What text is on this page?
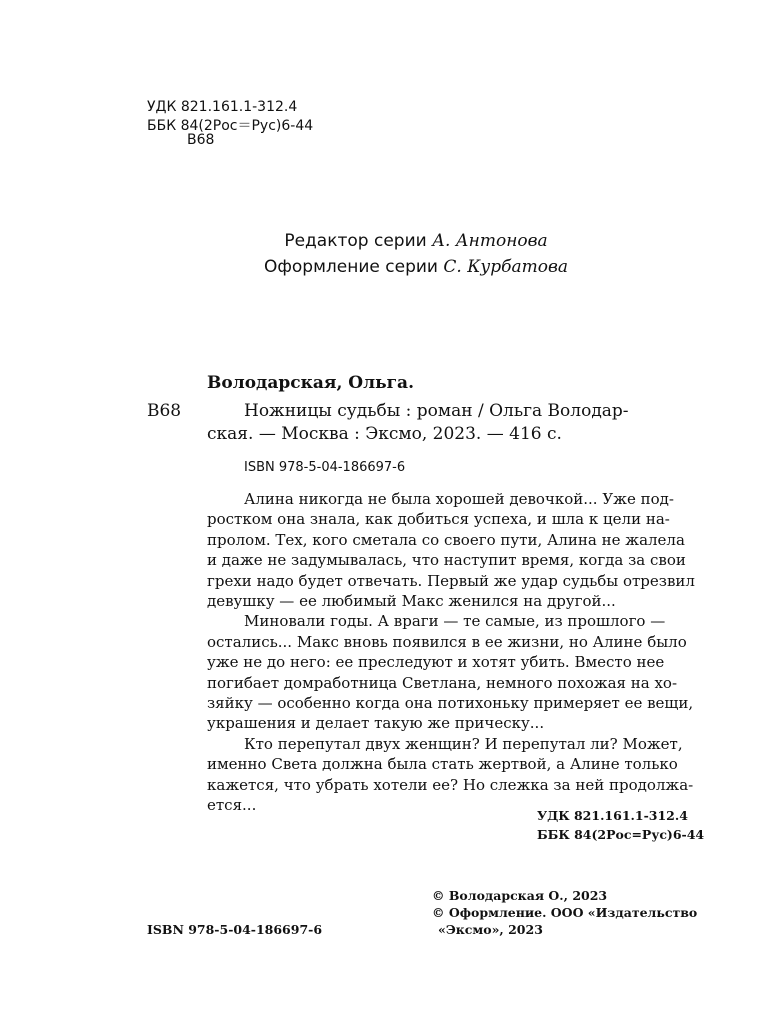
УДК 821.161.1-312.4
ББК 84(2Рос＝Рус)6-44
В68
Редактор серии А. Антонова
Оформление серии С. Курбатова
Володарская, Ольга.
В68	Ножницы судьбы : роман / Ольга Володар-
ская. — Москва : Эксмо, 2023. — 416 с.
ISBN 978-5-04-186697-6
Алина никогда не была хорошей девочкой... Уже под-
ростком она знала, как добиться успеха, и шла к цели на-
пролом. Тех, кого сметала со своего пути, Алина не жалела
и даже не задумывалась, что наступит время, когда за свои
грехи надо будет отвечать. Первый же удар судьбы отрезвил
девушку — ее любимый Макс женился на другой...
Миновали годы. А враги — те самые, из прошлого —
остались... Макс вновь появился в ее жизни, но Алине было
уже не до него: ее преследуют и хотят убить. Вместо нее
погибает домработница Светлана, немного похожая на хо-
зяйку — особенно когда она потихоньку примеряет ее вещи,
украшения и делает такую же прическу...
Кто перепутал двух женщин? И перепутал ли? Может,
именно Света должна была стать жертвой, а Алине только
кажется, что убрать хотели ее? Но слежка за ней продолжа-
ется...
УДК 821.161.1-312.4
ББК 84(2Рос=Рус)6-44
© Володарская О., 2023
© Оформление. ООО «Издательство
«Эксмо», 2023
ISBN 978-5-04-186697-6
